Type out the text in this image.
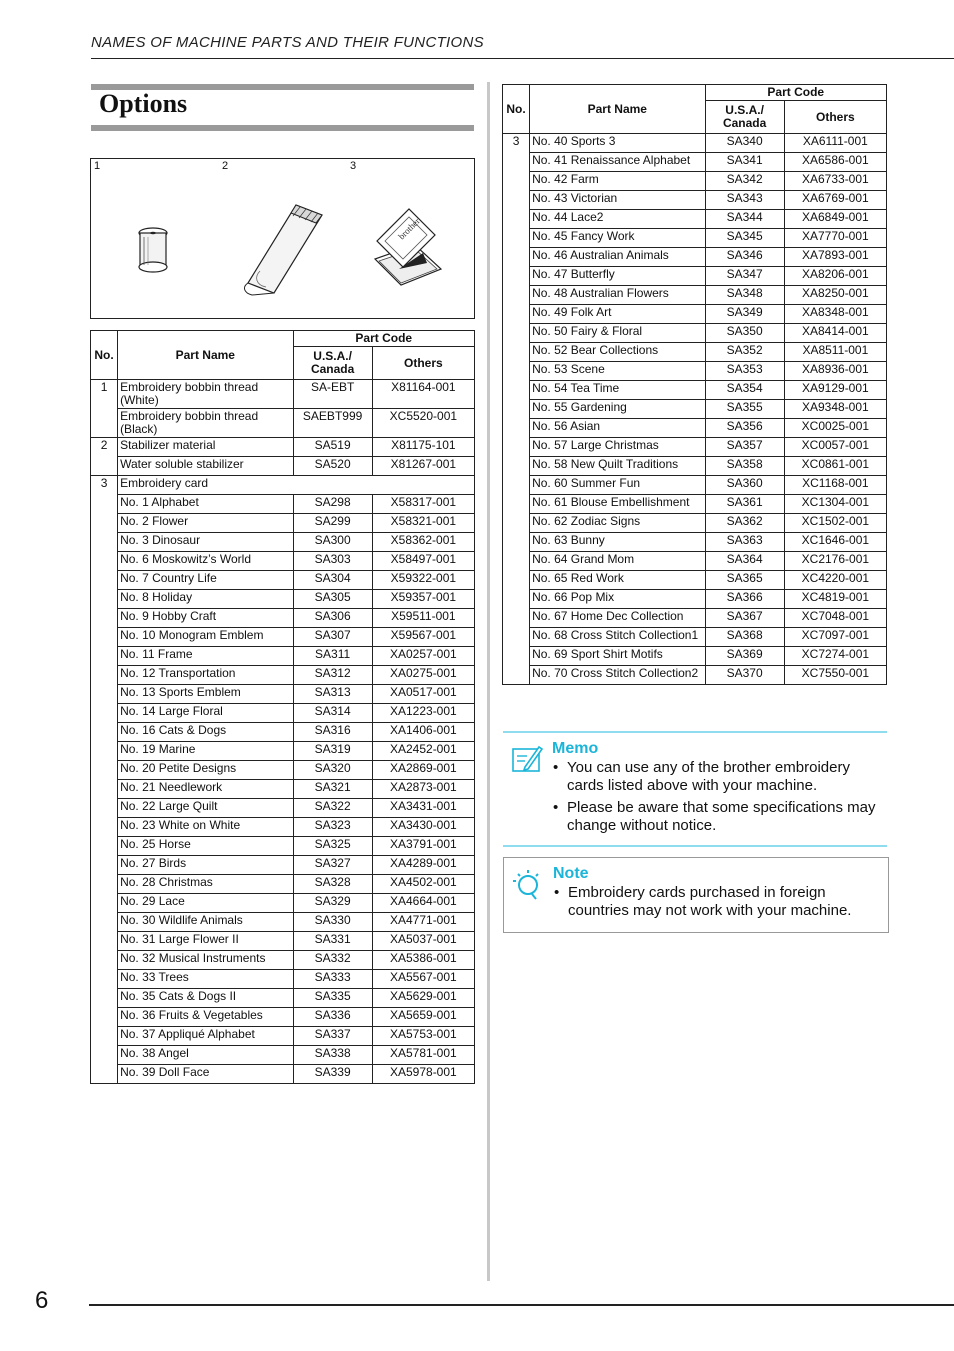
NAMES OF MACHINE PARTS AND THEIR FUNCTIONS
Options
1	2	3
brother
No.	Part Name	Part Code	
		U.S.A./ Canada	Others
1	Embroidery bobbin thread (White)	SA-EBT	X81164-001
	Embroidery bobbin thread (Black)	SAEBT999	XC5520-001
2	Stabilizer material	SA519	X81175-101
	Water soluble stabilizer	SA520	X81267-001
3	Embroidery card		
	No. 1 Alphabet	SA298	X58317-001
	No. 2 Flower	SA299	X58321-001
	No. 3 Dinosaur	SA300	X58362-001
	No. 6 Moskowitz’s World	SA303	X58497-001
	No. 7 Country Life	SA304	X59322-001
	No. 8 Holiday	SA305	X59357-001
	No. 9 Hobby Craft	SA306	X59511-001
	No. 10 Monogram Emblem	SA307	X59567-001
	No. 11 Frame	SA311	XA0257-001
	No. 12 Transportation	SA312	XA0275-001
	No. 13 Sports Emblem	SA313	XA0517-001
	No. 14 Large Floral	SA314	XA1223-001
	No. 16 Cats & Dogs	SA316	XA1406-001
	No. 19 Marine	SA319	XA2452-001
	No. 20 Petite Designs	SA320	XA2869-001
	No. 21 Needlework	SA321	XA2873-001
	No. 22 Large Quilt	SA322	XA3431-001
	No. 23 White on White	SA323	XA3430-001
	No. 25 Horse	SA325	XA3791-001
	No. 27 Birds	SA327	XA4289-001
	No. 28 Christmas	SA328	XA4502-001
	No. 29 Lace	SA329	XA4664-001
	No. 30 Wildlife Animals	SA330	XA4771-001
	No. 31 Large Flower II	SA331	XA5037-001
	No. 32 Musical Instruments	SA332	XA5386-001
	No. 33 Trees	SA333	XA5567-001
	No. 35 Cats & Dogs II	SA335	XA5629-001
	No. 36 Fruits & Vegetables	SA336	XA5659-001
	No. 37 Appliqué Alphabet	SA337	XA5753-001
	No. 38 Angel	SA338	XA5781-001
	No. 39 Doll Face	SA339	XA5978-001
No.	Part Name	Part Code	
		U.S.A./ Canada	Others
3	No. 40 Sports 3	SA340	XA6111-001
	No. 41 Renaissance Alphabet	SA341	XA6586-001
	No. 42 Farm	SA342	XA6733-001
	No. 43 Victorian	SA343	XA6769-001
	No. 44 Lace2	SA344	XA6849-001
	No. 45 Fancy Work	SA345	XA7770-001
	No. 46 Australian Animals	SA346	XA7893-001
	No. 47 Butterfly	SA347	XA8206-001
	No. 48 Australian Flowers	SA348	XA8250-001
	No. 49 Folk Art	SA349	XA8348-001
	No. 50 Fairy & Floral	SA350	XA8414-001
	No. 52 Bear Collections	SA352	XA8511-001
	No. 53 Scene	SA353	XA8936-001
	No. 54 Tea Time	SA354	XA9129-001
	No. 55 Gardening	SA355	XA9348-001
	No. 56 Asian	SA356	XC0025-001
	No. 57 Large Christmas	SA357	XC0057-001
	No. 58 New Quilt Traditions	SA358	XC0861-001
	No. 60 Summer Fun	SA360	XC1168-001
	No. 61 Blouse Embellishment	SA361	XC1304-001
	No. 62 Zodiac Signs	SA362	XC1502-001
	No. 63 Bunny	SA363	XC1646-001
	No. 64 Grand Mom	SA364	XC2176-001
	No. 65 Red Work	SA365	XC4220-001
	No. 66 Pop Mix	SA366	XC4819-001
	No. 67 Home Dec Collection	SA367	XC7048-001
	No. 68 Cross Stitch Collection1	SA368	XC7097-001
	No. 69 Sport Shirt Motifs	SA369	XC7274-001
	No. 70 Cross Stitch Collection2	SA370	XC7550-001
Memo
• You can use any of the brother embroidery cards listed above with your machine.
• Please be aware that some specifications may change without notice.
Note
• Embroidery cards purchased in foreign countries may not work with your machine.
6
